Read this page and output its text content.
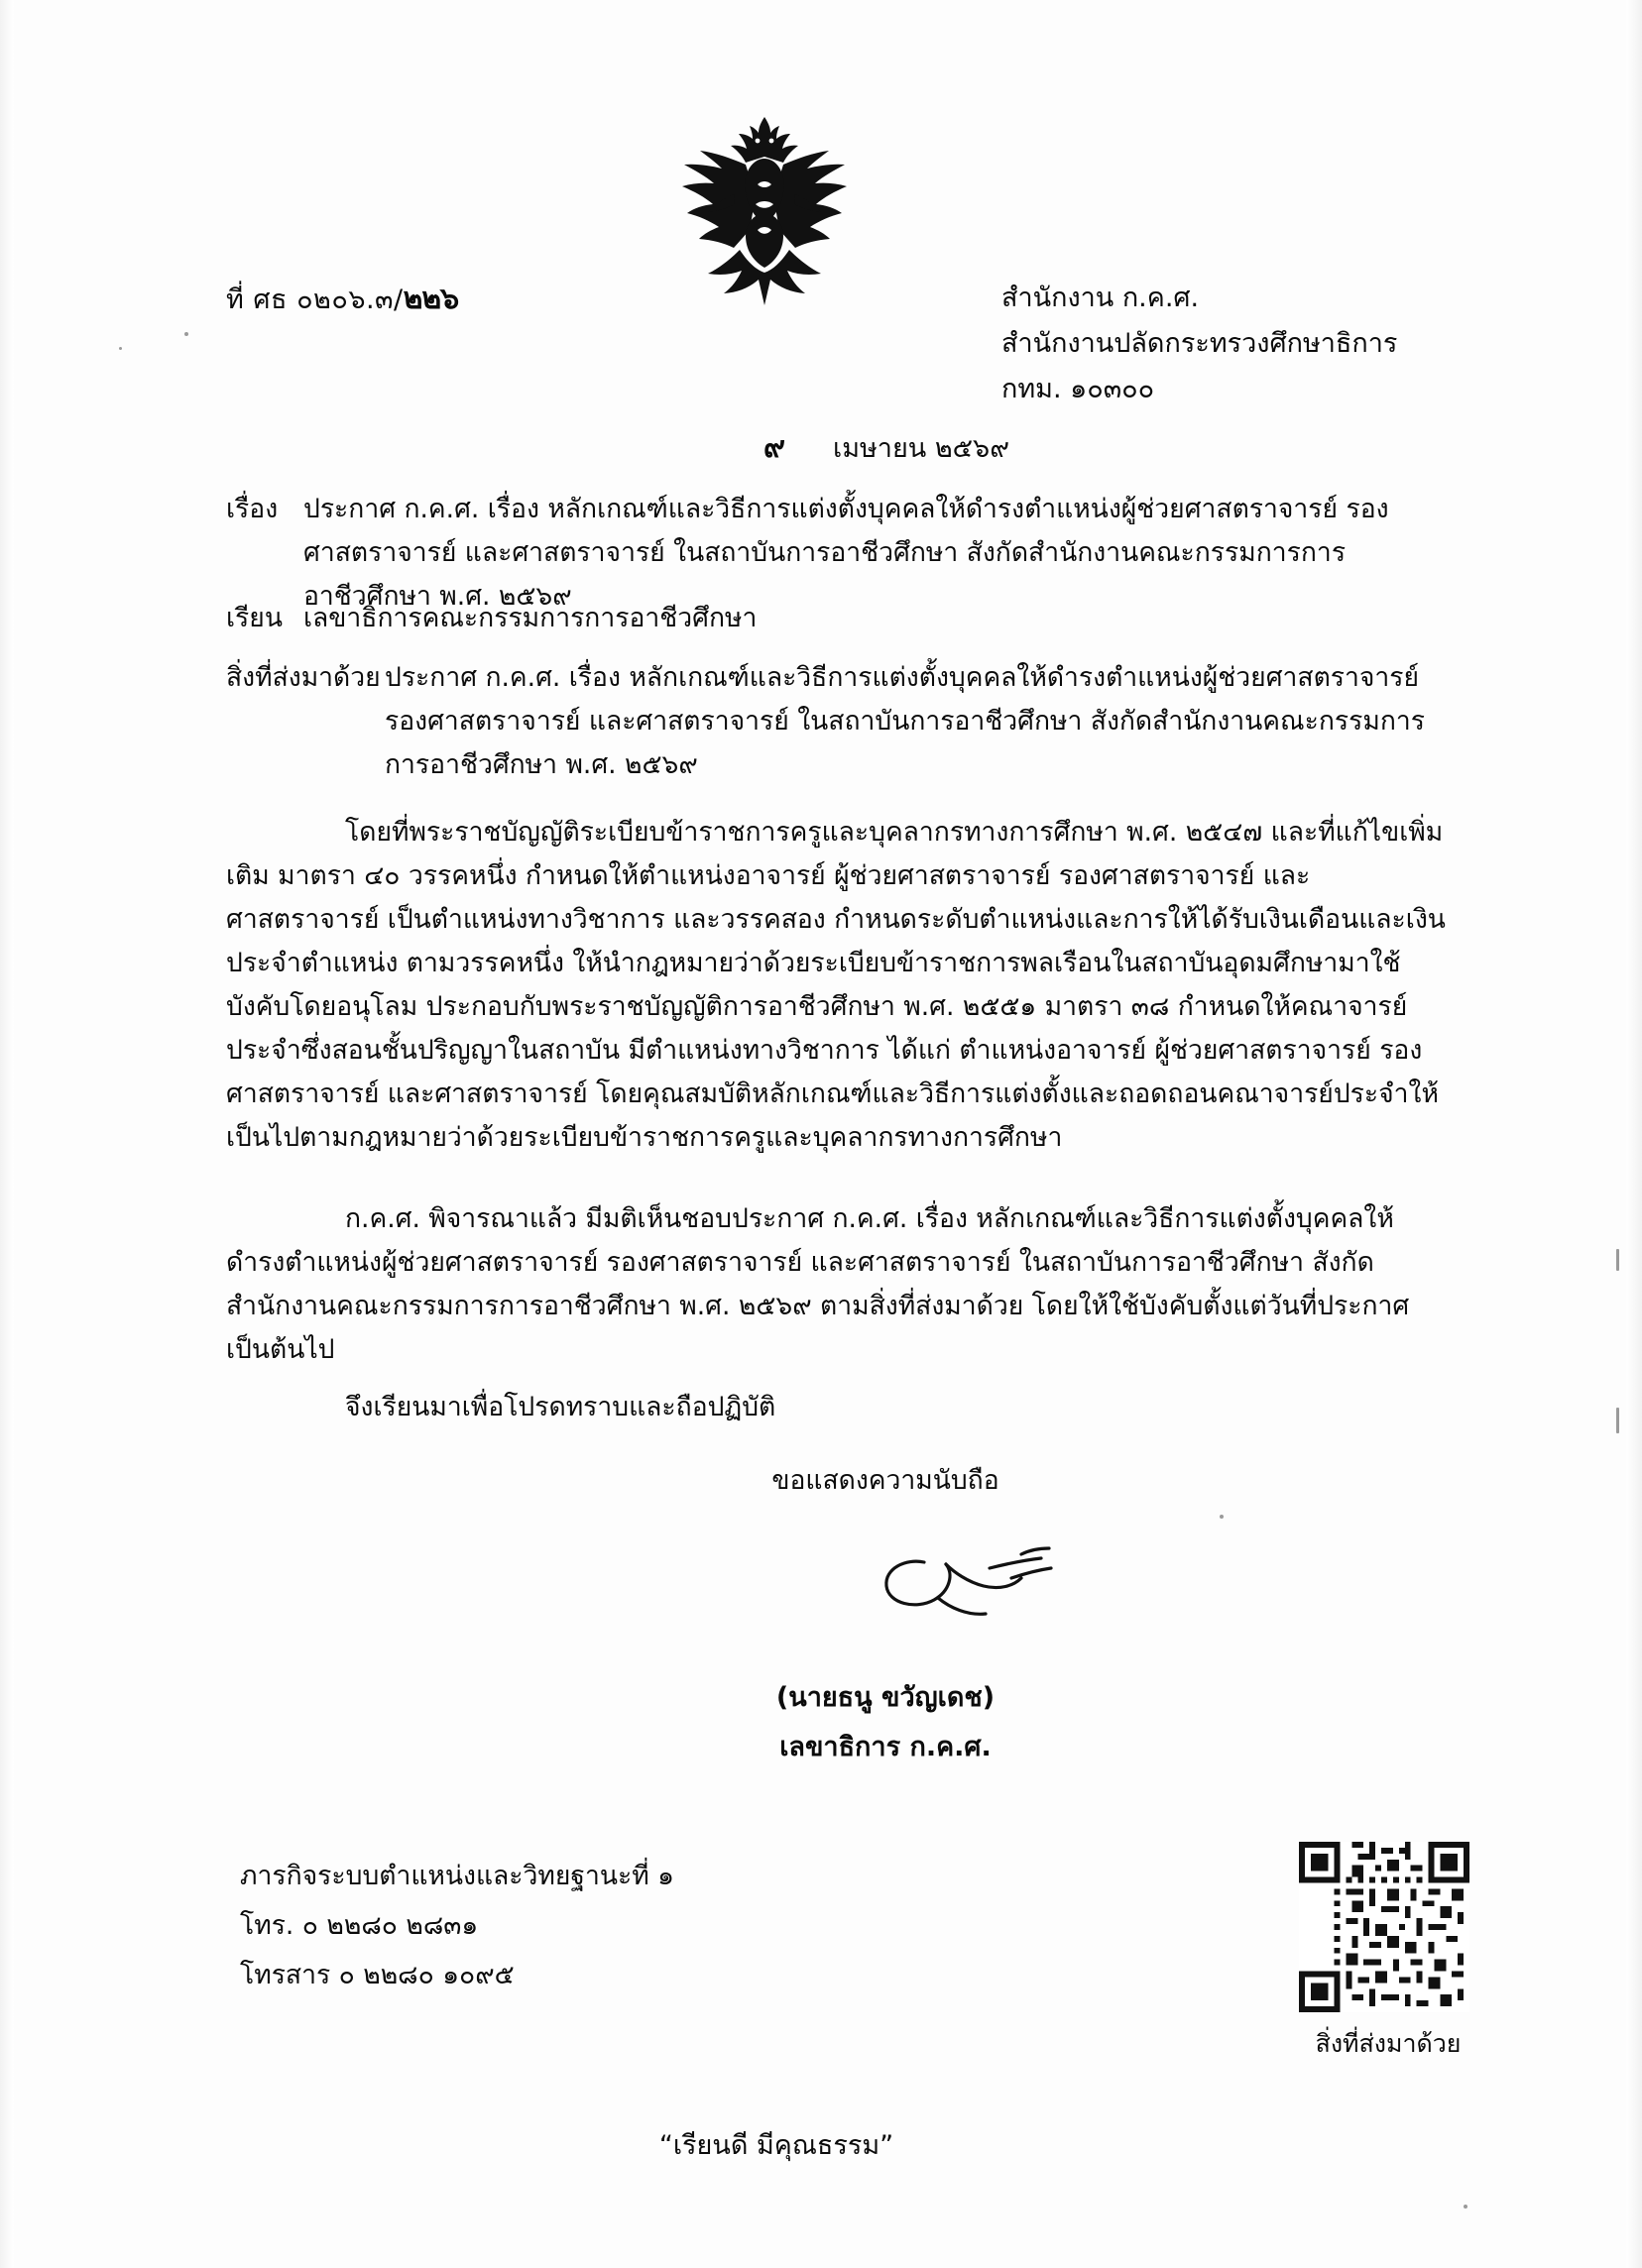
ที่ ศธ ๐๒๐๖.๓/๒๒๖	สำนักงาน ก.ค.ศ.
สำนักงานปลัดกระทรวงศึกษาธิการ
กทม. ๑๐๓๐๐
๙ เมษายน ๒๕๖๙
เรื่อง ประกาศ ก.ค.ศ. เรื่อง หลักเกณฑ์และวิธีการแต่งตั้งบุคคลให้ดำรงตำแหน่งผู้ช่วยศาสตราจารย์ รองศาสตราจารย์ และศาสตราจารย์ ในสถาบันการอาชีวศึกษา สังกัดสำนักงานคณะกรรมการการอาชีวศึกษา พ.ศ. ๒๕๖๙
เรียน เลขาธิการคณะกรรมการการอาชีวศึกษา
สิ่งที่ส่งมาด้วย ประกาศ ก.ค.ศ. เรื่อง หลักเกณฑ์และวิธีการแต่งตั้งบุคคลให้ดำรงตำแหน่งผู้ช่วยศาสตราจารย์ รองศาสตราจารย์ และศาสตราจารย์ ในสถาบันการอาชีวศึกษา สังกัดสำนักงานคณะกรรมการการอาชีวศึกษา พ.ศ. ๒๕๖๙
โดยที่พระราชบัญญัติระเบียบข้าราชการครูและบุคลากรทางการศึกษา พ.ศ. ๒๕๔๗ และที่แก้ไขเพิ่มเติม มาตรา ๔๐ วรรคหนึ่ง กำหนดให้ตำแหน่งอาจารย์ ผู้ช่วยศาสตราจารย์ รองศาสตราจารย์ และศาสตราจารย์ เป็นตำแหน่งทางวิชาการ และวรรคสอง กำหนดระดับตำแหน่งและการให้ได้รับเงินเดือนและเงินประจำตำแหน่ง ตามวรรคหนึ่ง ให้นำกฎหมายว่าด้วยระเบียบข้าราชการพลเรือนในสถาบันอุดมศึกษามาใช้บังคับโดยอนุโลม ประกอบกับพระราชบัญญัติการอาชีวศึกษา พ.ศ. ๒๕๕๑ มาตรา ๓๘ กำหนดให้คณาจารย์ประจำซึ่งสอนชั้นปริญญาในสถาบัน มีตำแหน่งทางวิชาการ ได้แก่ ตำแหน่งอาจารย์ ผู้ช่วยศาสตราจารย์ รองศาสตราจารย์ และศาสตราจารย์ โดยคุณสมบัติหลักเกณฑ์และวิธีการแต่งตั้งและถอดถอนคณาจารย์ประจำให้เป็นไปตามกฎหมายว่าด้วยระเบียบข้าราชการครูและบุคลากรทางการศึกษา
ก.ค.ศ. พิจารณาแล้ว มีมติเห็นชอบประกาศ ก.ค.ศ. เรื่อง หลักเกณฑ์และวิธีการแต่งตั้งบุคคลให้ดำรงตำแหน่งผู้ช่วยศาสตราจารย์ รองศาสตราจารย์ และศาสตราจารย์ ในสถาบันการอาชีวศึกษา สังกัดสำนักงานคณะกรรมการการอาชีวศึกษา พ.ศ. ๒๕๖๙ ตามสิ่งที่ส่งมาด้วย โดยให้ใช้บังคับตั้งแต่วันที่ประกาศเป็นต้นไป
จึงเรียนมาเพื่อโปรดทราบและถือปฏิบัติ
ขอแสดงความนับถือ
(นายธนู ขวัญเดช)
เลขาธิการ ก.ค.ศ.
ภารกิจระบบตำแหน่งและวิทยฐานะที่ ๑
โทร. ๐ ๒๒๘๐ ๒๘๓๑
โทรสาร ๐ ๒๒๘๐ ๑๐๙๕
สิ่งที่ส่งมาด้วย
“เรียนดี มีคุณธรรม”
